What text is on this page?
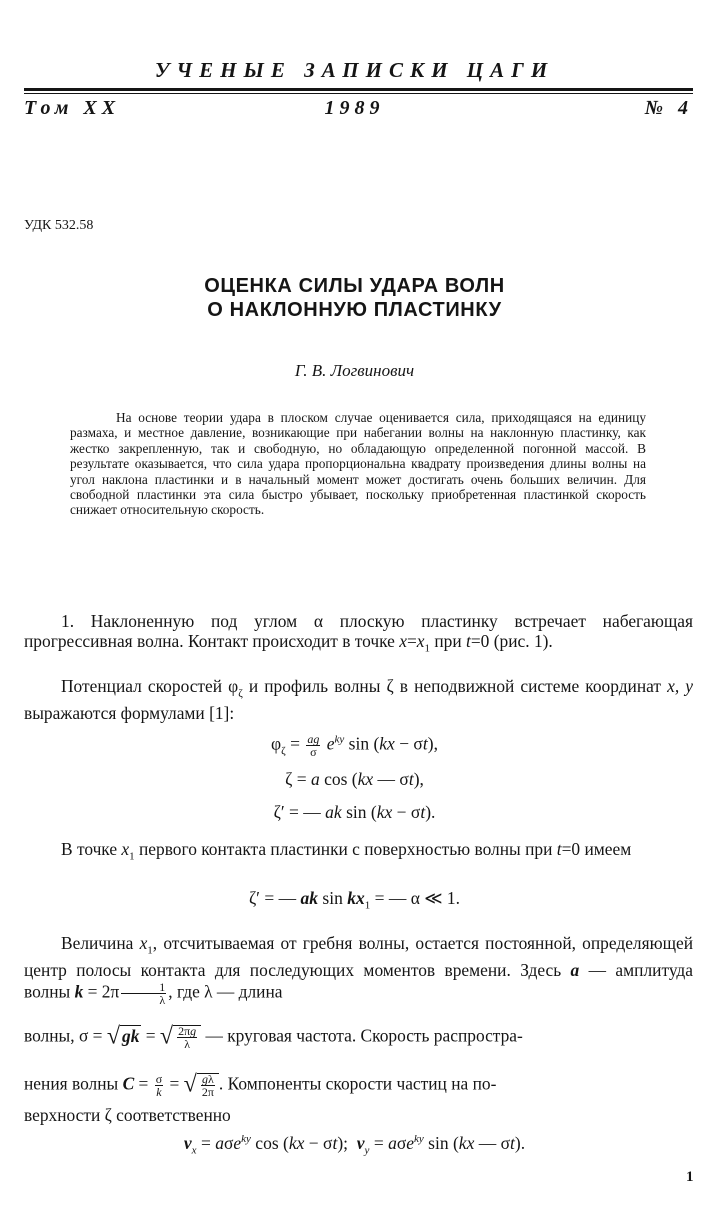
УЧЕНЫЕ ЗАПИСКИ ЦАГИ
Том XX	1989	№ 4
УДК 532.58
ОЦЕНКА СИЛЫ УДАРА ВОЛН
О НАКЛОННУЮ ПЛАСТИНКУ
Г. В. Логвинович
На основе теории удара в плоском случае оценивается сила, приходящаяся на единицу размаха, и местное давление, возникающие при набегании волны на наклонную пластинку, как жестко закрепленную, так и свободную, но обладающую определенной погонной массой. В результате оказывается, что сила удара пропорциональна квадрату произведения длины волны на угол наклона пластинки и в начальный момент может достигать очень больших величин. Для свободной пластинки эта сила быстро убывает, поскольку приобретенная пластинкой скорость снижает относительную скорость.
1. Наклоненную под углом α плоскую пластинку встречает набегающая прогрессивная волна. Контакт происходит в точке $x=x_1$ при t=0 (рис. 1).
Потенциал скоростей $\varphi_\zeta$ и профиль волны ζ в неподвижной системе координат x, y выражаются формулами [1]:
$\varphi_\zeta = \frac{ag}{\sigma} e^{ky}$ sin (kx − σt),
ζ = a cos (kx — σt),
ζ′ = — ak sin (kx − σt).
В точке $x_1$ первого контакта пластинки с поверхностью волны при t=0 имеем
ζ′ = — ak $\sin kx_1$ = — α ≪ 1.
Величина $x_1$, отсчитываемая от гребня волны, остается постоянной, определяющей центр полосы контакта для последующих моментов времени. Здесь a — амплитуда волны $k = 2\pi \frac{1}{\lambda}$ , где λ — длина
волны, σ = √ gk = √ $\frac{2\pi g}{\lambda}$ — круговая частота. Скорость распростра-
нения волны $C = \frac{\sigma}{k}$ = √ $\frac{g\lambda}{2\pi}$ . Компоненты скорости частиц на по-
верхности ζ соответственно
$v_x = a\sigma e^{ky}$ cos (kx − σt);  $v_y = a\sigma e^{ky}$ sin (kx — σt).
1
